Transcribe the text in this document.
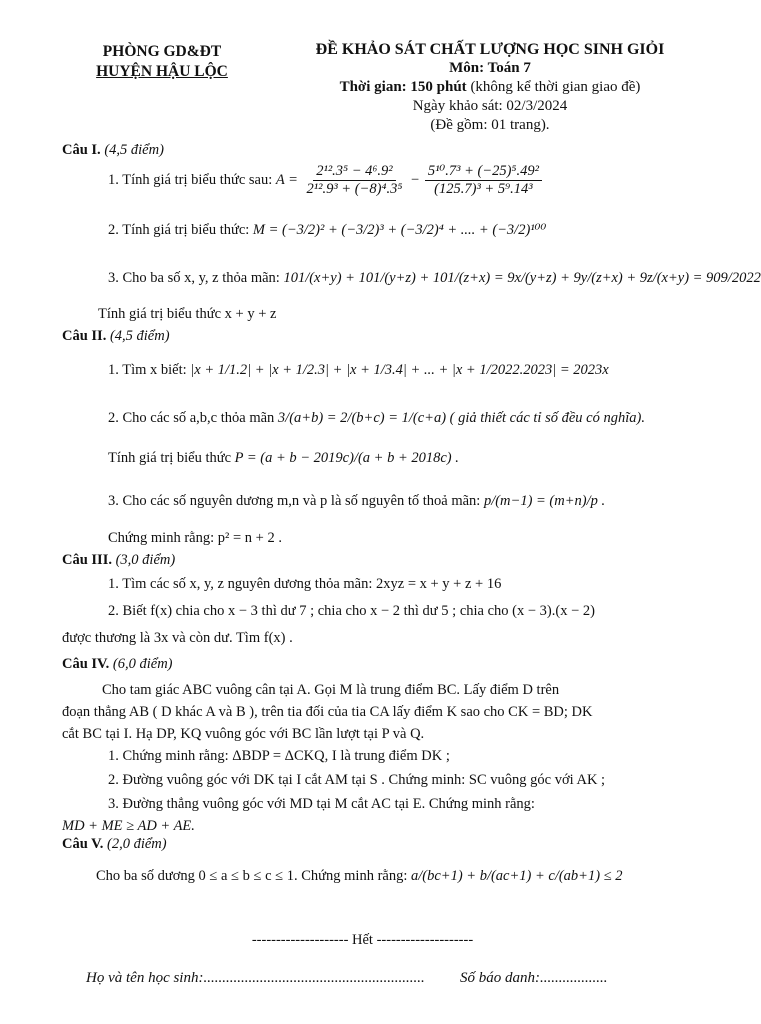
PHÒNG GD&ĐT
HUYỆN HẬU LỘC
ĐỀ KHẢO SÁT CHẤT LƯỢNG HỌC SINH GIỎI
Môn: Toán 7
Thời gian: 150 phút (không kể thời gian giao đề)
Ngày khảo sát: 02/3/2024
(Đề gồm: 01 trang).
Câu I. (4,5 điểm)
1. Tính giá trị biểu thức sau: $A = \frac{\text{2¹².3⁵ − 4⁶.9²}}{\text{2¹².9³ + (−8)⁴.3⁵}} - \frac{\text{5¹⁰.7³ + (−25)⁵.49²}}{\text{(125.7)³ + 5⁹.14³}}$
2. Tính giá trị biểu thức: M = (−3/2)² + (−3/2)³ + (−3/2)⁴ + .... + (−3/2)¹⁰⁰
3. Cho ba số x, y, z thỏa mãn: 101/(x+y) + 101/(y+z) + 101/(z+x) = 9x/(y+z) + 9y/(z+x) + 9z/(x+y) = 909/2022
Tính giá trị biểu thức x + y + z
Câu II. (4,5 điểm)
1. Tìm x biết: |x + 1/1.2| + |x + 1/2.3| + |x + 1/3.4| + ... + |x + 1/2022.2023| = 2023x
2. Cho các số a,b,c thỏa mãn 3/(a+b) = 2/(b+c) = 1/(c+a) ( giả thiết các tỉ số đều có nghĩa).
Tính giá trị biểu thức P = (a + b − 2019c)/(a + b + 2018c) .
3. Cho các số nguyên dương m,n và p là số nguyên tố thoả mãn: p/(m−1) = (m+n)/p .
Chứng minh rằng: p² = n + 2 .
Câu III. (3,0 điểm)
1. Tìm các số x, y, z nguyên dương thỏa mãn: 2xyz = x + y + z + 16
2. Biết f(x) chia cho x − 3 thì dư 7 ; chia cho x − 2 thì dư 5 ; chia cho (x − 3).(x − 2)
được thương là 3x và còn dư. Tìm f(x) .
Câu IV. (6,0 điểm)
Cho tam giác ABC vuông cân tại A. Gọi M là trung điểm BC. Lấy điểm D trên
đoạn thẳng AB ( D khác A và B ), trên tia đối của tia CA lấy điểm K sao cho CK = BD; DK
cắt BC tại I. Hạ DP, KQ vuông góc với BC lần lượt tại P và Q.
1. Chứng minh rằng: ΔBDP = ΔCKQ, I là trung điểm DK ;
2. Đường vuông góc với DK tại I cắt AM tại S . Chứng minh: SC vuông góc với AK ;
3. Đường thẳng vuông góc với MD tại M cắt AC tại E. Chứng minh rằng:
MD + ME ≥ AD + AE.
Câu V. (2,0 điểm)
Cho ba số dương 0 ≤ a ≤ b ≤ c ≤ 1. Chứng minh rằng: a/(bc+1) + b/(ac+1) + c/(ab+1) ≤ 2
-------------------- Hết --------------------
Họ và tên học sinh:........................................................... Số báo danh:..................
